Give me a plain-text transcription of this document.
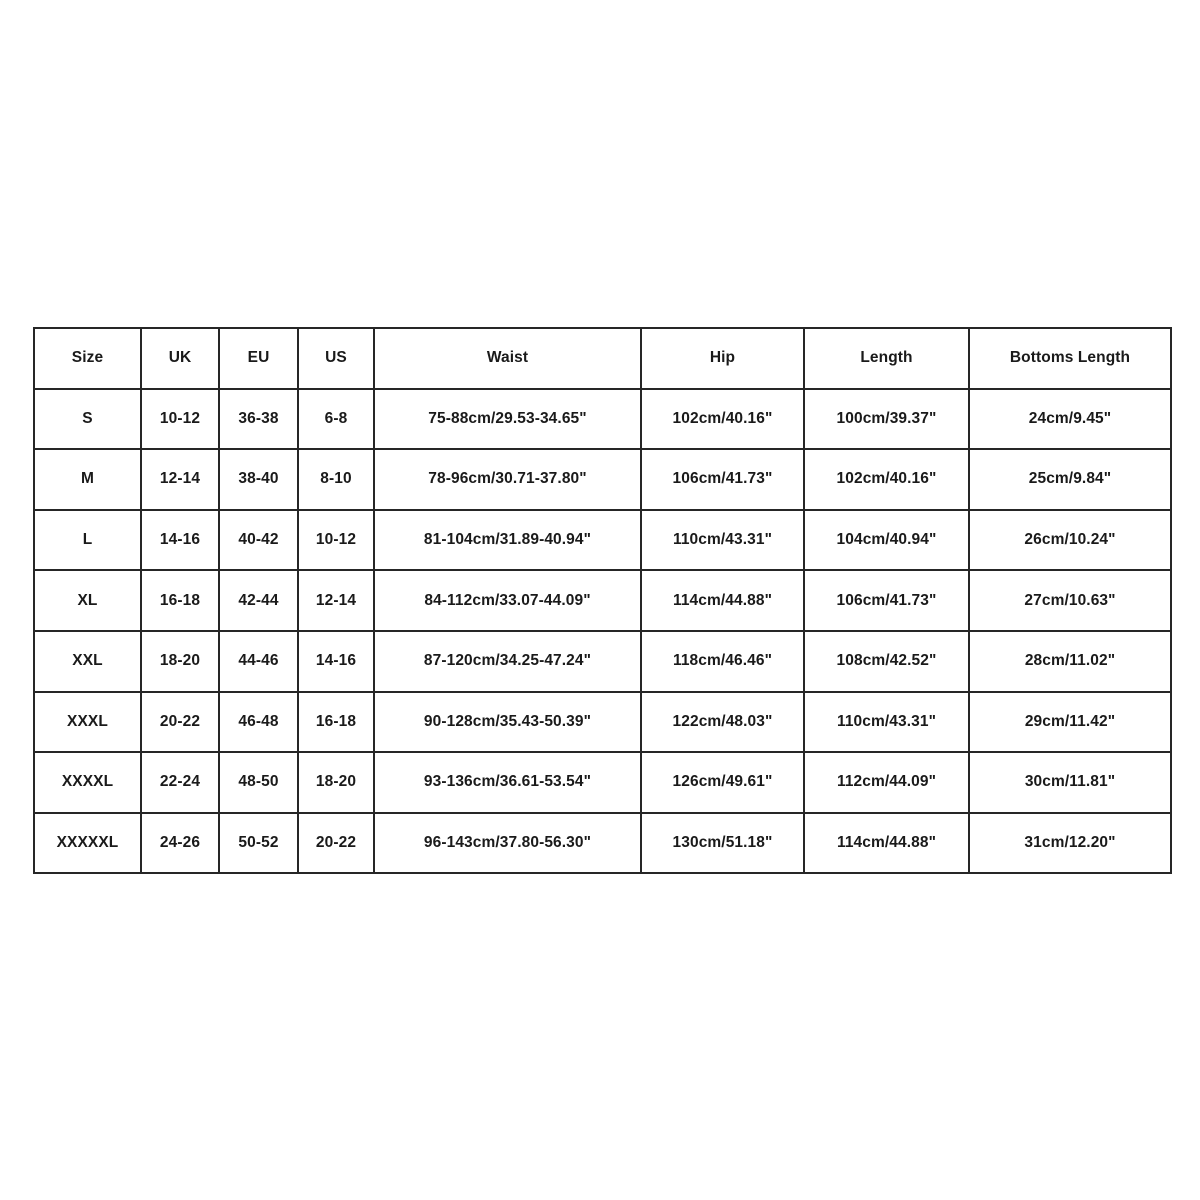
Size	UK	EU	US	Waist	Hip	Length	Bottoms Length
S	10-12	36-38	6-8	75-88cm/29.53-34.65"	102cm/40.16"	100cm/39.37"	24cm/9.45"
M	12-14	38-40	8-10	78-96cm/30.71-37.80"	106cm/41.73"	102cm/40.16"	25cm/9.84"
L	14-16	40-42	10-12	81-104cm/31.89-40.94"	110cm/43.31"	104cm/40.94"	26cm/10.24"
XL	16-18	42-44	12-14	84-112cm/33.07-44.09"	114cm/44.88"	106cm/41.73"	27cm/10.63"
XXL	18-20	44-46	14-16	87-120cm/34.25-47.24"	118cm/46.46"	108cm/42.52"	28cm/11.02"
XXXL	20-22	46-48	16-18	90-128cm/35.43-50.39"	122cm/48.03"	110cm/43.31"	29cm/11.42"
XXXXL	22-24	48-50	18-20	93-136cm/36.61-53.54"	126cm/49.61"	112cm/44.09"	30cm/11.81"
XXXXXL	24-26	50-52	20-22	96-143cm/37.80-56.30"	130cm/51.18"	114cm/44.88"	31cm/12.20"
